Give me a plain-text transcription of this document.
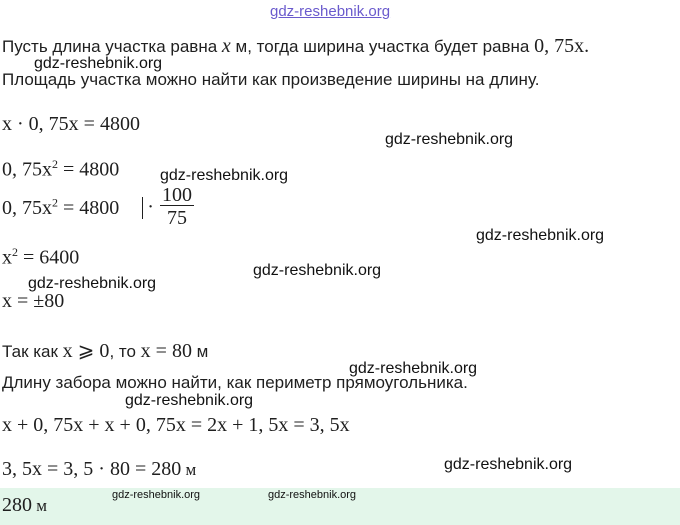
gdz-reshebnik.org
Пусть длина участка равна x м, тогда ширина участка будет равна 0, 75x.
gdz-reshebnik.org
Площадь участка можно найти как произведение ширины на длину.
x · 0, 75x = 4800
gdz-reshebnik.org
0, $75x^2 = 4800$	gdz-reshebnik.org
0, $75x^2 = 4800 \cdot \frac{100}{75}$
gdz-reshebnik.org
$x^2 = 6400$
gdz-reshebnik.org
gdz-reshebnik.org
x = ±80
Так как x ⩾ 0, то x = 80 м
gdz-reshebnik.org
Длину забора можно найти, как периметр прямоугольника.
gdz-reshebnik.org
x + 0, 75x + x + 0, 75x = 2x + 1, 5x = 3, 5x
3, 5x = 3, 5 · 80 = 280 м	gdz-reshebnik.org
280 м
gdz-reshebnik.org	gdz-reshebnik.org
